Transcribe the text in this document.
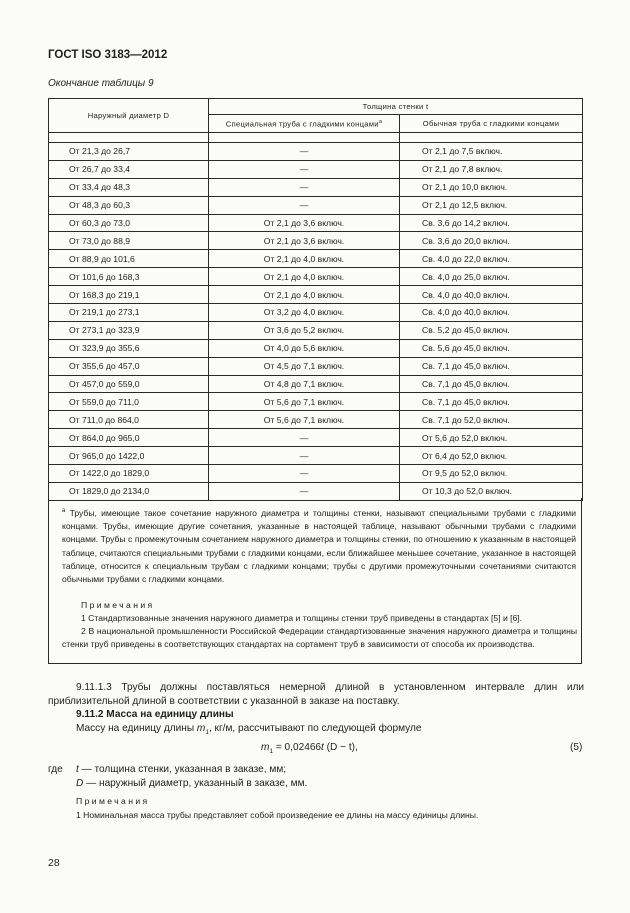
ГОСТ ISO 3183—2012
Окончание таблицы 9
Наружный диаметр D	Толщина стенки t	
	Специальная труба с гладкими концами$^a$	Обычная труба с гладкими концами

От 21,3 до 26,7	—	От 2,1 до 7,5 включ.
От 26,7 до 33,4	—	От 2,1 до 7,8 включ.
От 33,4 до 48,3	—	От 2,1 до 10,0 включ.
От 48,3 до 60,3	—	От 2,1 до 12,5 включ.
От 60,3 до 73,0	От 2,1 до 3,6 включ.	Св. 3,6 до 14,2 включ.
От 73,0 до 88,9	От 2,1 до 3,6 включ.	Св. 3,6 до 20,0 включ.
От 88,9 до 101,6	От 2,1 до 4,0 включ.	Св. 4,0 до 22,0 включ.
От 101,6 до 168,3	От 2,1 до 4,0 включ.	Св. 4,0 до 25,0 включ.
От 168,3 до 219,1	От 2,1 до 4,0 включ.	Св. 4,0 до 40,0 включ.
От 219,1 до 273,1	От 3,2 до 4,0 включ.	Св. 4,0 до 40,0 включ.
От 273,1 до 323,9	От 3,6 до 5,2 включ.	Св. 5,2 до 45,0 включ.
От 323,9 до 355,6	От 4,0 до 5,6 включ.	Св. 5,6 до 45,0 включ.
От 355,6 до 457,0	От 4,5 до 7,1 включ.	Св. 7,1 до 45,0 включ.
От 457,0 до 559,0	От 4,8 до 7,1 включ.	Св. 7,1 до 45,0 включ.
От 559,0 до 711,0	От 5,6 до 7,1 включ.	Св. 7,1 до 45,0 включ.
От 711,0 до 864,0	От 5,6 до 7,1 включ.	Св. 7,1 до 52,0 включ.
От 864,0 до 965,0	—	От 5,6 до 52,0 включ.
От 965,0 до 1422,0	—	От 6,4 до 52,0 включ.
От 1422,0 до 1829,0	—	От 9,5 до 52,0 включ.
От 1829,0 до 2134,0	—	От 10,3 до 52,0 включ.
$^a$ Трубы, имеющие такое сочетание наружного диаметра и толщины стенки, называют специальными трубами с гладкими концами. Трубы, имеющие другие сочетания, указанные в настоящей таблице, называют обычными трубами с гладкими концами. Трубы с промежуточным сочетанием наружного диаметра и толщины стенки, по отношению к указанным в настоящей таблице, считаются специальными трубами с гладкими концами, если ближайшее меньшее сочетание, указанное в настоящей таблице, относится к специальным трубам с гладкими концами; трубы с другими промежуточными сочетаниями считаются обычными трубами с гладкими концами.
Примечания
1 Стандартизованные значения наружного диаметра и толщины стенки труб приведены в стандартах [5] и [6].
2 В национальной промышленности Российской Федерации стандартизованные значения наружного диаметра и толщины стенки труб приведены в соответствующих стандартах на сортамент труб в зависимости от способа их производства.
9.11.1.3 Трубы должны поставляться немерной длиной в установленном интервале длин или приблизительной длиной в соответствии с указанной в заказе на поставку.
9.11.2 Масса на единицу длины
Массу на единицу длины $m_1$, кг/м, рассчитывают по следующей формуле
$m_1 = 0,02466t$ (D − t),	(5)
где t — толщина стенки, указанная в заказе, мм;
D — наружный диаметр, указанный в заказе, мм.
Примечания
1 Номинальная масса трубы представляет собой произведение ее длины на массу единицы длины.
28
